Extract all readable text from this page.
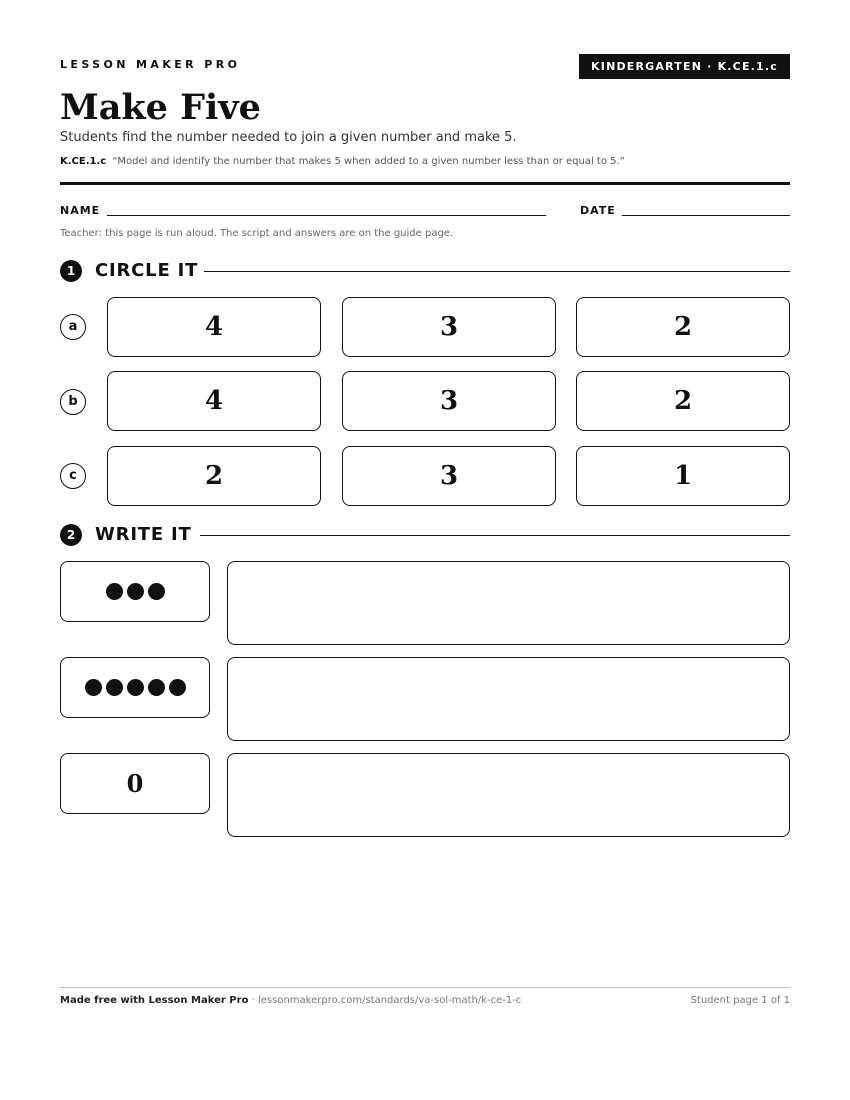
LESSON MAKER PRO	KINDERGARTEN · K.CE.1.c
Make Five
Students find the number needed to join a given number and make 5.
K.CE.1.c “Model and identify the number that makes 5 when added to a given number less than or equal to 5.”
NAME	DATE
Teacher: this page is run aloud. The script and answers are on the guide page.
1	CIRCLE IT
a	4	3	2
b	4	3	2
c	2	3	1
2	WRITE IT
0
Made free with Lesson Maker Pro · lessonmakerpro.com/standards/va-sol-math/k-ce-1-c	Student page 1 of 1
